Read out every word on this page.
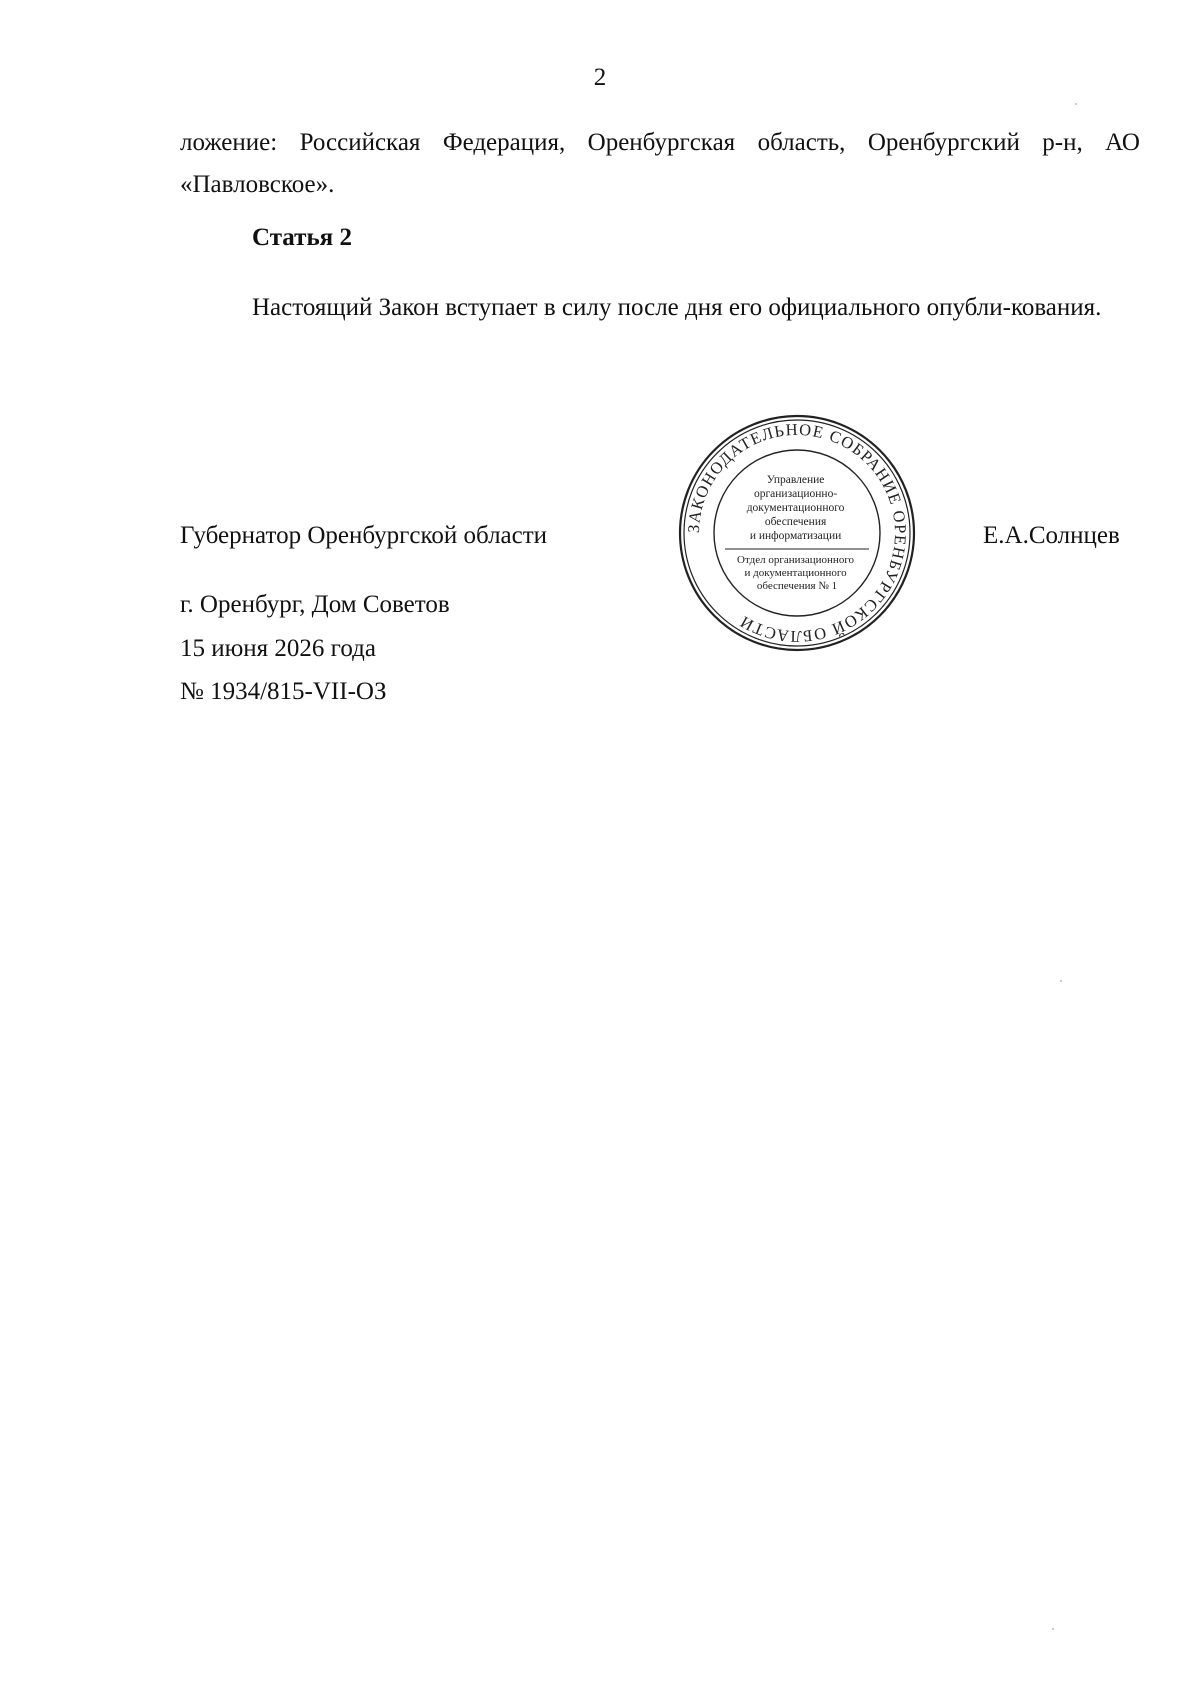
2
ложение: Российская Федерация, Оренбургская область, Оренбургский р-н, АО «Павловское».
Статья 2
Настоящий Закон вступает в силу после дня его официального опубли-кования.
Губернатор Оренбургской области	ЗАКОНОДАТЕЛЬНОЕ СОБРАНИЕ ОРЕНБУРГСКОЙ ОБЛАСТИ
Управление организационно- документационного обеспечения и информатизации Отдел организационного и документационного обеспечения № 1
Е.А.Солнцев
г. Оренбург, Дом Советов
15 июня 2026 года
№ 1934/815-VII-ОЗ
